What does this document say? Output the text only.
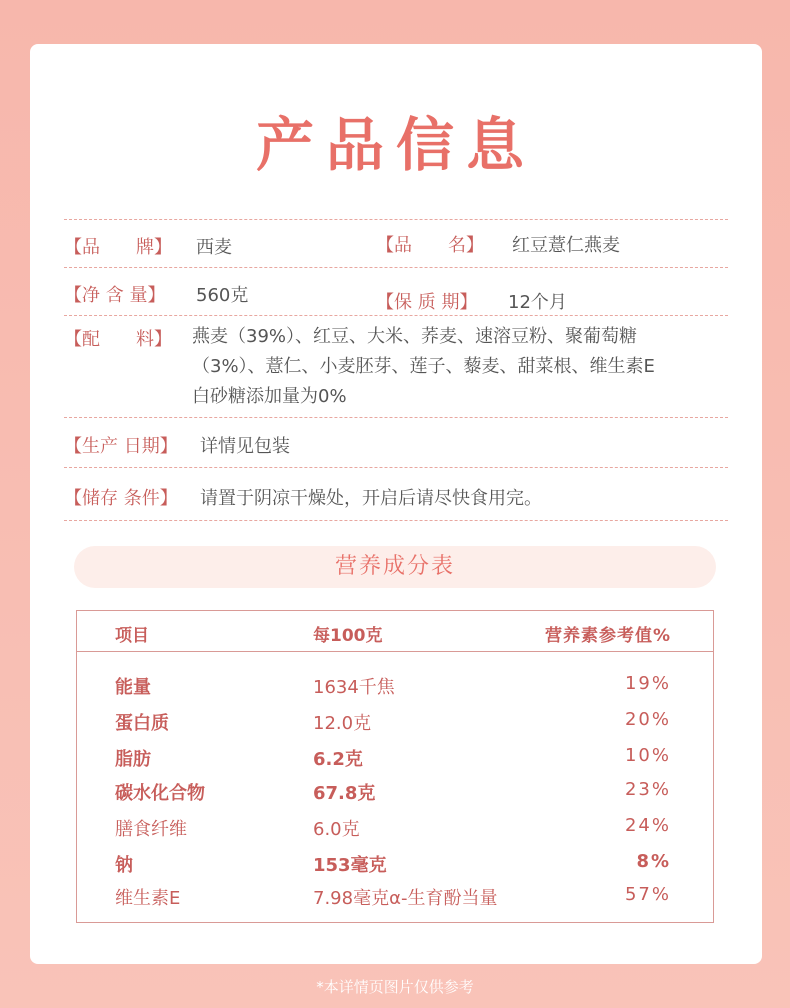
产品信息
【品　　牌】 西麦	【品　　名】 红豆薏仁燕麦
【净 含 量】 560克	【保 质 期】 12个月
【配　　料】 燕麦（39%）、红豆、大米、荞麦、速溶豆粉、聚葡萄糖
（3%）、薏仁、小麦胚芽、莲子、藜麦、甜菜根、维生素E
白砂糖添加量为0%
【生产 日期】 详情见包装
【储存 条件】 请置于阴凉干燥处，开启后请尽快食用完。
营养成分表
项目	每100克	营养素参考值%
能量	1634千焦	19%
蛋白质	12.0克	20%
脂肪	6.2克	10%
碳水化合物	67.8克	23%
膳食纤维	6.0克	24%
钠	153毫克	8%
维生素E	7.98毫克α-生育酚当量	57%
*本详情页图片仅供参考
